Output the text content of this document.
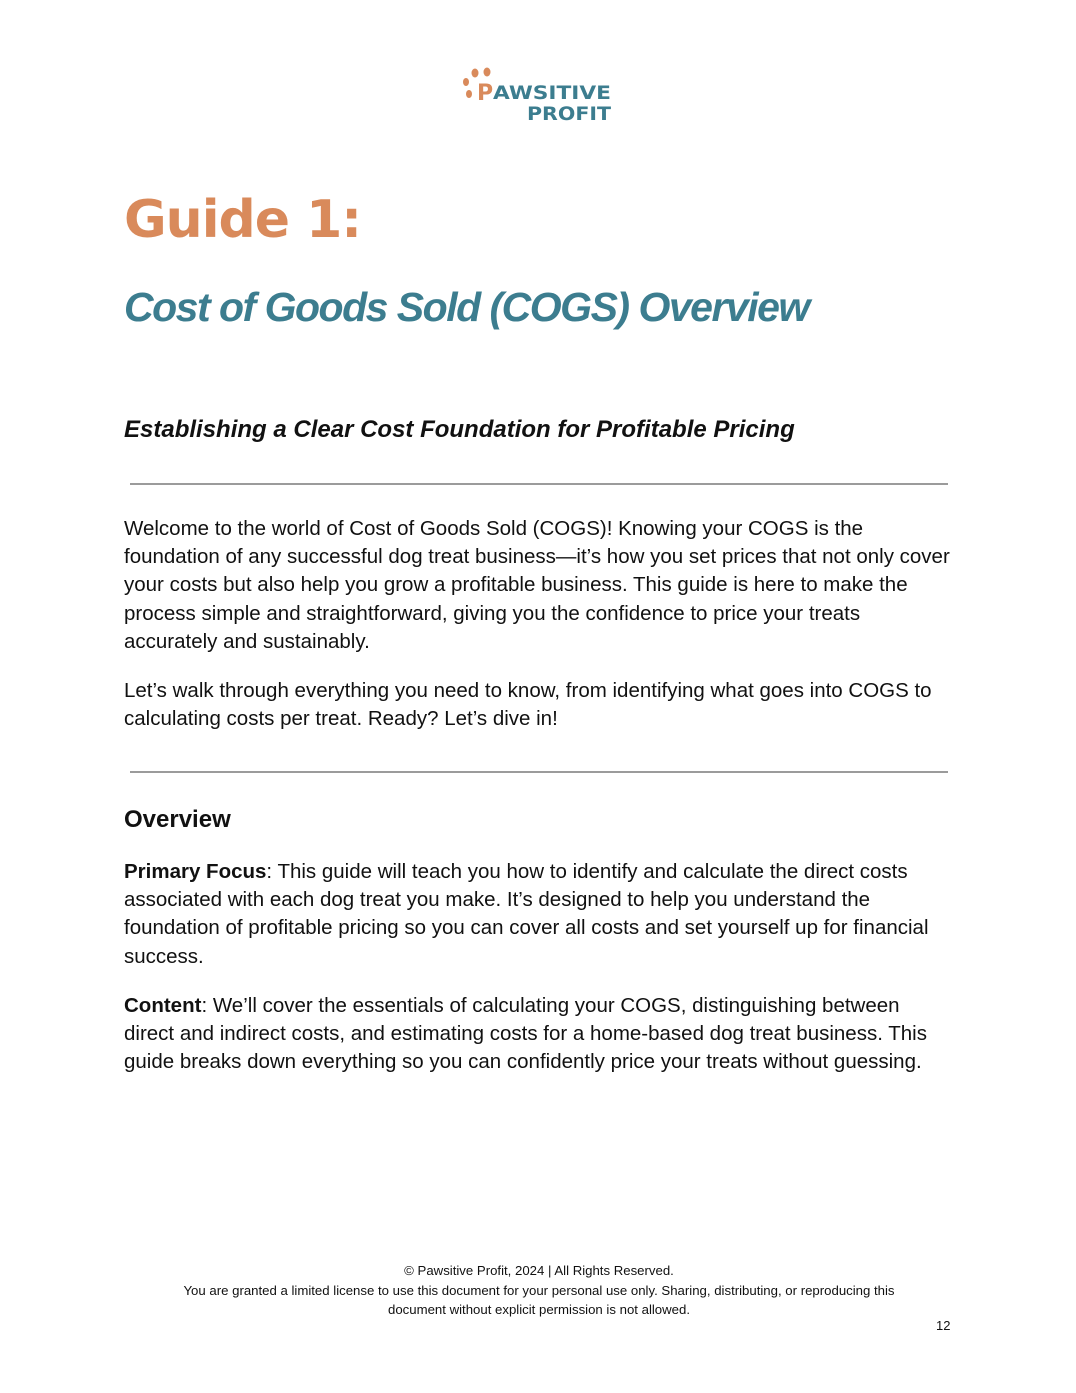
P AWSITIVE
PROFIT
Guide 1:
Cost of Goods Sold (COGS) Overview
Establishing a Clear Cost Foundation for Profitable Pricing

Welcome to the world of Cost of Goods Sold (COGS)! Knowing your COGS is the foundation of any successful dog treat business—it’s how you set prices that not only cover your costs but also help you grow a profitable business. This guide is here to make the process simple and straightforward, giving you the confidence to price your treats accurately and sustainably.

Let’s walk through everything you need to know, from identifying what goes into COGS to calculating costs per treat. Ready? Let’s dive in!

Overview

Primary Focus: This guide will teach you how to identify and calculate the direct costs associated with each dog treat you make. It’s designed to help you understand the foundation of profitable pricing so you can cover all costs and set yourself up for financial success.

Content: We’ll cover the essentials of calculating your COGS, distinguishing between direct and indirect costs, and estimating costs for a home-based dog treat business. This guide breaks down everything so you can confidently price your treats without guessing.

© Pawsitive Profit, 2024 | All Rights Reserved.
You are granted a limited license to use this document for your personal use only. Sharing, distributing, or reproducing this
document without explicit permission is not allowed.
12
